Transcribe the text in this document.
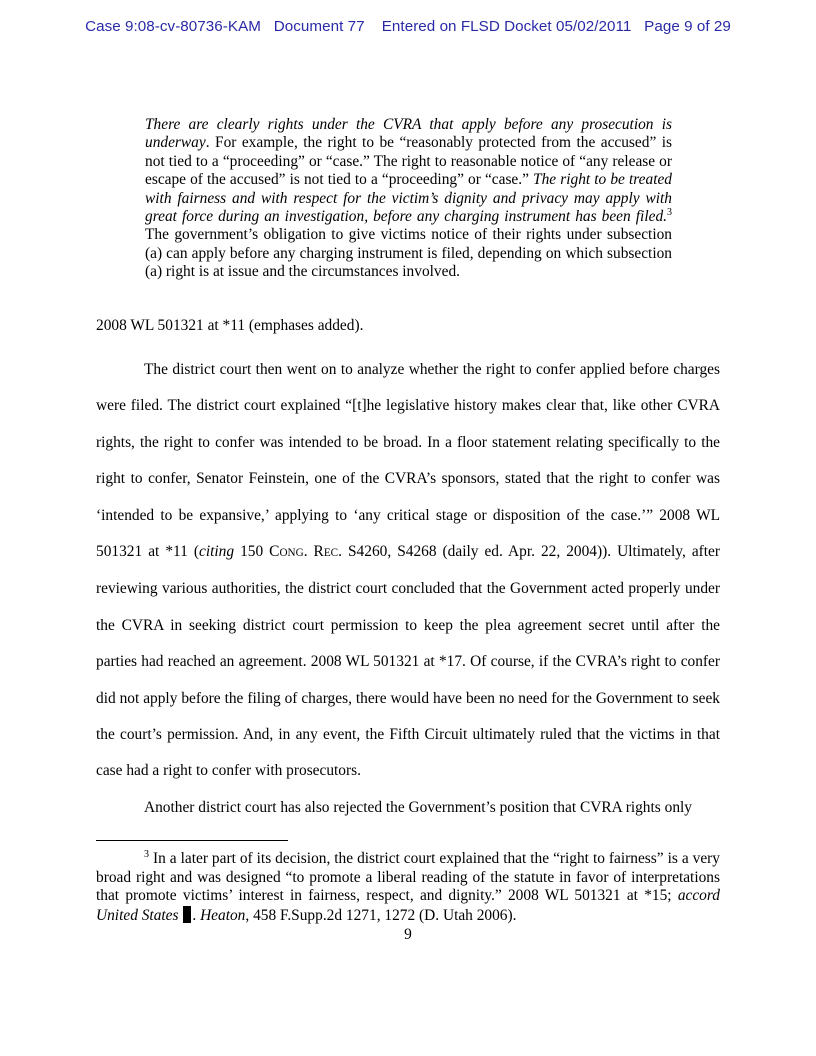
Case 9:08-cv-80736-KAM Document 77 Entered on FLSD Docket 05/02/2011 Page 9 of 29

There are clearly rights under the CVRA that apply before any prosecution is underway. For example, the right to be “reasonably protected from the accused” is not tied to a “proceeding” or “case.” The right to reasonable notice of “any release or escape of the accused” is not tied to a “proceeding” or “case.” The right to be treated with fairness and with respect for the victim’s dignity and privacy may apply with great force during an investigation, before any charging instrument has been filed.$^3$ The government’s obligation to give victims notice of their rights under subsection (a) can apply before any charging instrument is filed, depending on which subsection (a) right is at issue and the circumstances involved.

2008 WL 501321 at *11 (emphases added).

The district court then went on to analyze whether the right to confer applied before charges were filed. The district court explained “[t]he legislative history makes clear that, like other CVRA rights, the right to confer was intended to be broad. In a floor statement relating specifically to the right to confer, Senator Feinstein, one of the CVRA’s sponsors, stated that the right to confer was ‘intended to be expansive,’ applying to ‘any critical stage or disposition of the case.’” 2008 WL 501321 at *11 (citing 150 CONG. REC. S4260, S4268 (daily ed. Apr. 22, 2004)). Ultimately, after reviewing various authorities, the district court concluded that the Government acted properly under the CVRA in seeking district court permission to keep the plea agreement secret until after the parties had reached an agreement. 2008 WL 501321 at *17. Of course, if the CVRA’s right to confer did not apply before the filing of charges, there would have been no need for the Government to seek the court’s permission. And, in any event, the Fifth Circuit ultimately ruled that the victims in that case had a right to confer with prosecutors.

Another district court has also rejected the Government’s position that CVRA rights only

$^3$ In a later part of its decision, the district court explained that the “right to fairness” is a very broad right and was designed “to promote a liberal reading of the statute in favor of interpretations that promote victims’ interest in fairness, respect, and dignity.” 2008 WL 501321 at *15; accord United States . Heaton, 458 F.Supp.2d 1271, 1272 (D. Utah 2006).

9
